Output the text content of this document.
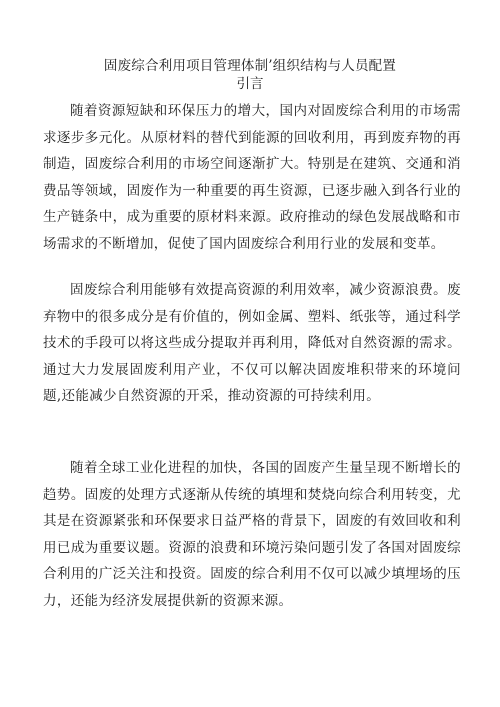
固废综合利用项目管理体制’组织结构与人员配置
引言

随着资源短缺和环保压力的增大，国内对固废综合利用的市场需求逐步多元化。从原材料的替代到能源的回收利用，再到废弃物的再制造，固废综合利用的市场空间逐渐扩大。特别是在建筑、交通和消费品等领域，固废作为一种重要的再生资源，已逐步融入到各行业的生产链条中，成为重要的原材料来源。政府推动的绿色发展战略和市场需求的不断增加，促使了国内固废综合利用行业的发展和变革。

固废综合利用能够有效提高资源的利用效率，减少资源浪费。废弃物中的很多成分是有价值的，例如金属、塑料、纸张等，通过科学技术的手段可以将这些成分提取并再利用，降低对自然资源的需求。通过大力发展固废利用产业，不仅可以解决固废堆积带来的环境问题,还能减少自然资源的开采，推动资源的可持续利用。

随着全球工业化进程的加快，各国的固废产生量呈现不断增长的趋势。固废的处理方式逐渐从传统的填埋和焚烧向综合利用转变，尤其是在资源紧张和环保要求日益严格的背景下，固废的有效回收和利用已成为重要议题。资源的浪费和环境污染问题引发了各国对固废综合利用的广泛关注和投资。固废的综合利用不仅可以减少填埋场的压力，还能为经济发展提供新的资源来源。
